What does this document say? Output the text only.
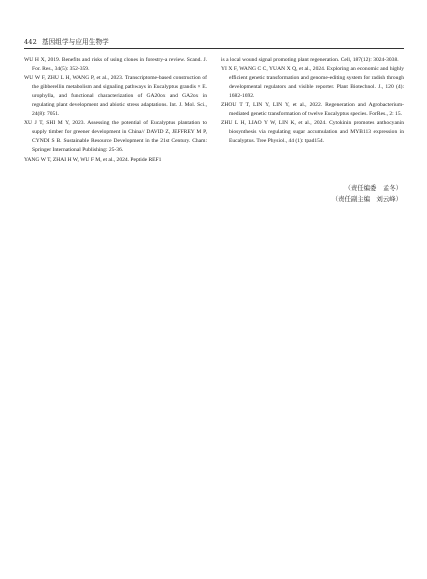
442 基因组学与应用生物学

WU H X, 2019. Benefits and risks of using clones in forestry-a review. Scand. J. For. Res., 34(5): 352-359.

WU W F, ZHU L H, WANG P, et al., 2023. Transcriptome-based construction of the gibberellin metabolism and signaling pathways in Eucalyptus grandis × E. urophylla, and functional characterization of GA20ox and GA2ox in regulating plant development and abiotic stress adaptations. Int. J. Mol. Sci., 24(8): 7051.

XU J T, SHI M Y, 2023. Assessing the potential of Eucalyptus plantation to supply timber for greener development in China// DAVID Z, JEFFREY M P, CYNDI S B. Sustainable Resource Development in the 21st Century. Cham: Springer International Publishing: 25-36.

YANG W T, ZHAI H W, WU F M, et al., 2024. Peptide REF1

is a local wound signal promoting plant regeneration. Cell, 187(12): 3024-3038.

YI X F, WANG C C, YUAN X Q, et al., 2024. Exploring an economic and highly efficient genetic transformation and genome-editing system for radish through developmental regulators and visible reporter. Plant Biotechnol. J., 120 (4): 1682-1692.

ZHOU T T, LIN Y, LIN Y, et al., 2022. Regeneration and Agrobacterium-mediated genetic transformation of twelve Eucalyptus species. ForRes., 2: 15.

ZHU L H, LIAO Y W, LIN K, et al., 2024. Cytokinin promotes anthocyanin biosynthesis via regulating sugar accumulation and MYB113 expression in Eucalyptus. Tree Physiol., 44 (1): tpad154.

（责任编委　孟冬）
（责任副主编　刘云峰）
